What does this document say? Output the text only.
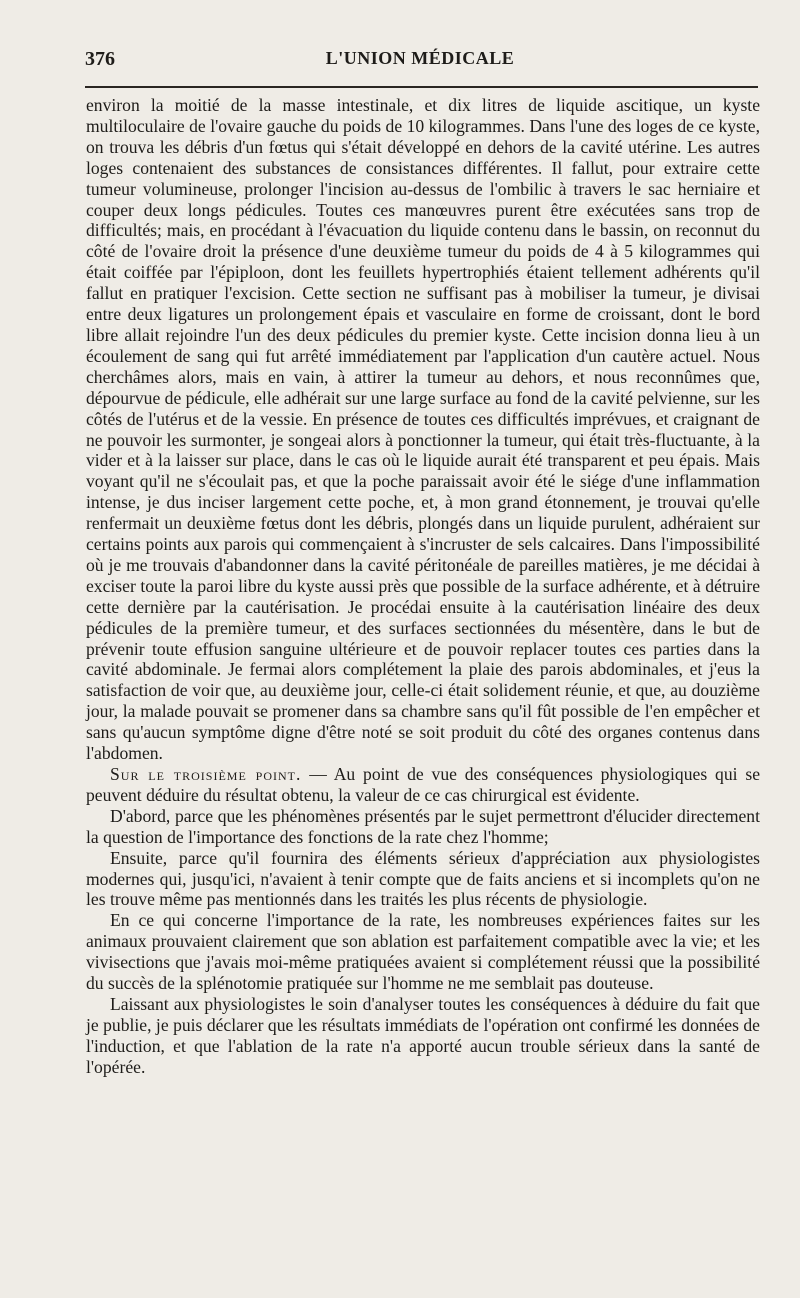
376	L'UNION MÉDICALE

environ la moitié de la masse intestinale, et dix litres de liquide ascitique, un kyste multiloculaire de l'ovaire gauche du poids de 10 kilogrammes. Dans l'une des loges de ce kyste, on trouva les débris d'un fœtus qui s'était développé en dehors de la cavité utérine. Les autres loges contenaient des substances de consistances différentes. Il fallut, pour extraire cette tumeur volumineuse, prolonger l'incision au-dessus de l'ombilic à travers le sac herniaire et couper deux longs pédicules. Toutes ces manœuvres purent être exécutées sans trop de difficultés; mais, en procédant à l'évacuation du liquide contenu dans le bassin, on reconnut du côté de l'ovaire droit la présence d'une deuxième tumeur du poids de 4 à 5 kilogrammes qui était coiffée par l'épiploon, dont les feuillets hypertrophiés étaient tellement adhérents qu'il fallut en pratiquer l'excision. Cette section ne suffisant pas à mobiliser la tumeur, je divisai entre deux ligatures un prolongement épais et vasculaire en forme de croissant, dont le bord libre allait rejoindre l'un des deux pédicules du premier kyste. Cette incision donna lieu à un écoulement de sang qui fut arrêté immédiatement par l'application d'un cautère actuel. Nous cherchâmes alors, mais en vain, à attirer la tumeur au dehors, et nous reconnûmes que, dépourvue de pédicule, elle adhérait sur une large surface au fond de la cavité pelvienne, sur les côtés de l'utérus et de la vessie. En présence de toutes ces difficultés imprévues, et craignant de ne pouvoir les surmonter, je songeai alors à ponctionner la tumeur, qui était très-fluctuante, à la vider et à la laisser sur place, dans le cas où le liquide aurait été transparent et peu épais. Mais voyant qu'il ne s'écoulait pas, et que la poche paraissait avoir été le siége d'une inflammation intense, je dus inciser largement cette poche, et, à mon grand étonnement, je trouvai qu'elle renfermait un deuxième fœtus dont les débris, plongés dans un liquide purulent, adhéraient sur certains points aux parois qui commençaient à s'incruster de sels calcaires. Dans l'impossibilité où je me trouvais d'abandonner dans la cavité péritonéale de pareilles matières, je me décidai à exciser toute la paroi libre du kyste aussi près que possible de la surface adhérente, et à détruire cette dernière par la cautérisation. Je procédai ensuite à la cautérisation linéaire des deux pédicules de la première tumeur, et des surfaces sectionnées du mésentère, dans le but de prévenir toute effusion sanguine ultérieure et de pouvoir replacer toutes ces parties dans la cavité abdominale. Je fermai alors complétement la plaie des parois abdominales, et j'eus la satisfaction de voir que, au deuxième jour, celle-ci était solidement réunie, et que, au douzième jour, la malade pouvait se promener dans sa chambre sans qu'il fût possible de l'en empêcher et sans qu'aucun symptôme digne d'être noté se soit produit du côté des organes contenus dans l'abdomen.

Sur le troisième point. — Au point de vue des conséquences physiologiques qui se peuvent déduire du résultat obtenu, la valeur de ce cas chirurgical est évidente.

D'abord, parce que les phénomènes présentés par le sujet permettront d'élucider directement la question de l'importance des fonctions de la rate chez l'homme;

Ensuite, parce qu'il fournira des éléments sérieux d'appréciation aux physiologistes modernes qui, jusqu'ici, n'avaient à tenir compte que de faits anciens et si incomplets qu'on ne les trouve même pas mentionnés dans les traités les plus récents de physiologie.

En ce qui concerne l'importance de la rate, les nombreuses expériences faites sur les animaux prouvaient clairement que son ablation est parfaitement compatible avec la vie; et les vivisections que j'avais moi-même pratiquées avaient si complétement réussi que la possibilité du succès de la splénotomie pratiquée sur l'homme ne me semblait pas douteuse.

Laissant aux physiologistes le soin d'analyser toutes les conséquences à déduire du fait que je publie, je puis déclarer que les résultats immédiats de l'opération ont confirmé les données de l'induction, et que l'ablation de la rate n'a apporté aucun trouble sérieux dans la santé de l'opérée.
